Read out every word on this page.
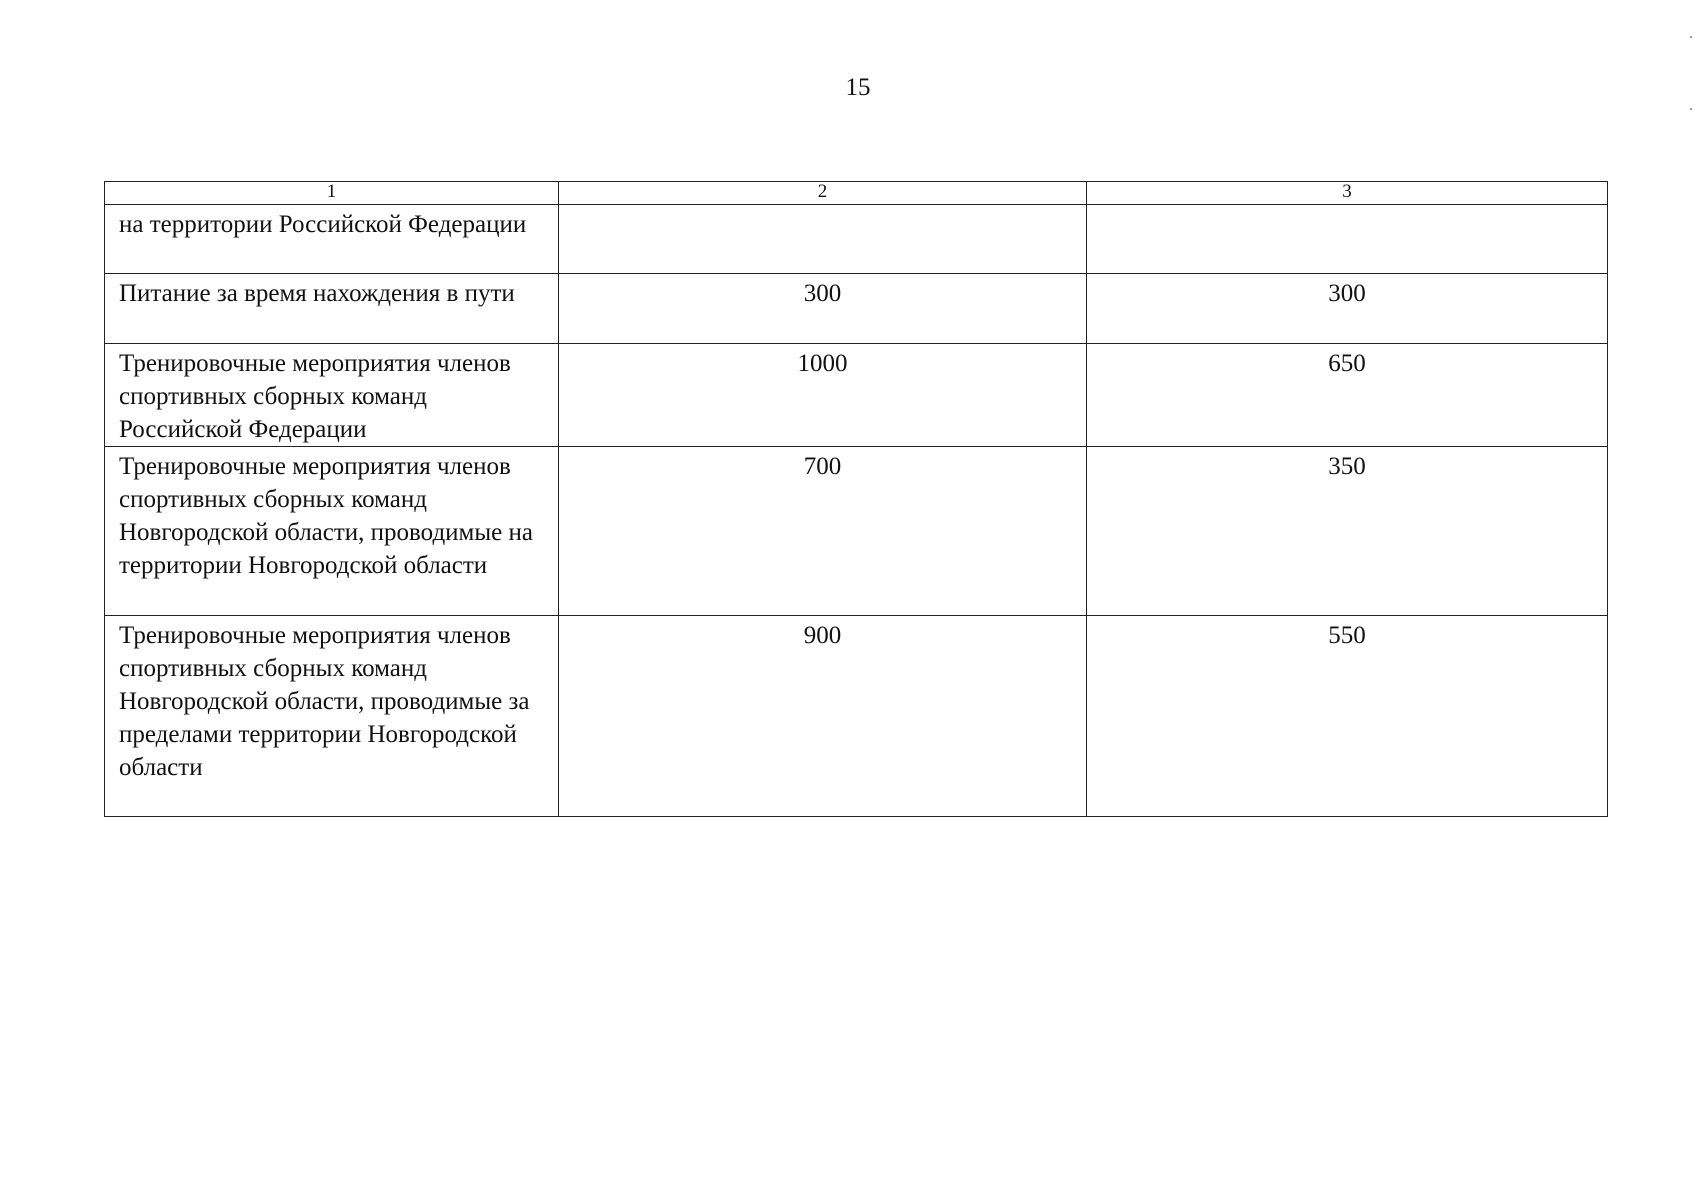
15
1	2	3
на территории Российской Федерации		
Питание за время нахождения в пути	300	300
Тренировочные мероприятия членов спортивных сборных команд Российской Федерации	1000	650
Тренировочные мероприятия членов спортивных сборных команд Новгородской области, проводимые на территории Новгородской области	700	350
Тренировочные мероприятия членов спортивных сборных команд Новгородской области, проводимые за пределами территории Новгородской области	900	550
